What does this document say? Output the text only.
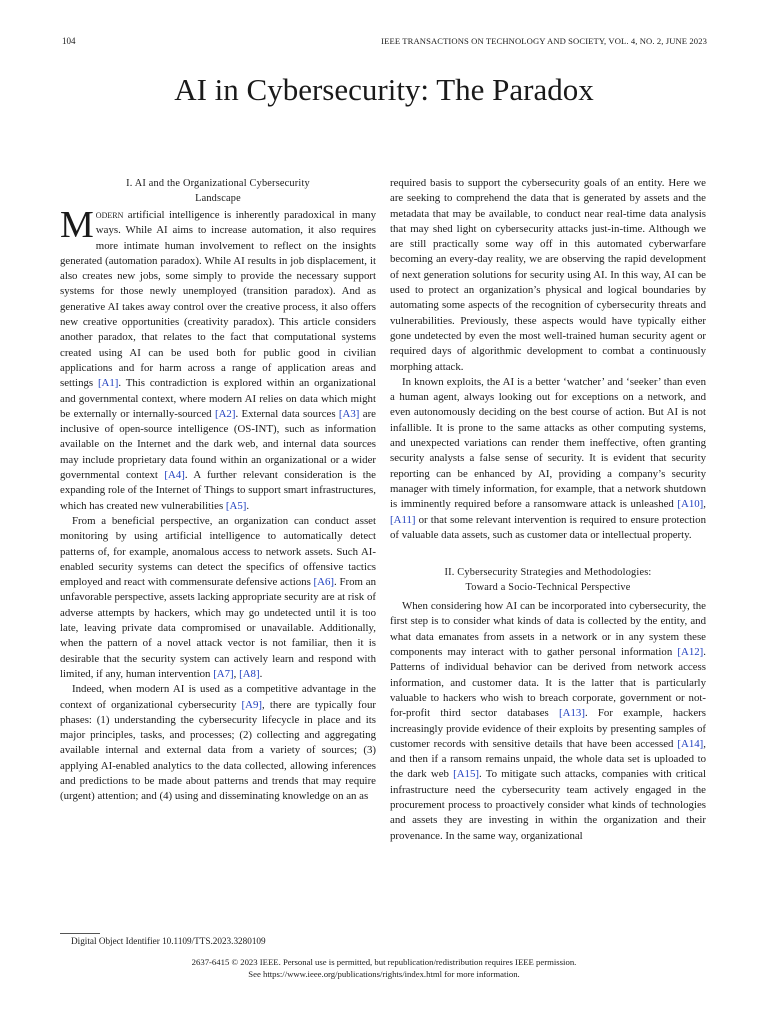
104	IEEE TRANSACTIONS ON TECHNOLOGY AND SOCIETY, VOL. 4, NO. 2, JUNE 2023
AI in Cybersecurity: The Paradox
I. AI and the Organizational Cybersecurity
Landscape

Modern artificial intelligence is inherently paradoxical in many ways. While AI aims to increase automation, it also requires more intimate human involvement to reflect on the insights generated (automation paradox). While AI results in job displacement, it also creates new jobs, some simply to provide the necessary support systems for those newly unemployed (transition paradox). And as generative AI takes away control over the creative process, it also offers new creative opportunities (creativity paradox). This article considers another paradox, that relates to the fact that computational systems created using AI can be used both for public good in civilian applications and for harm across a range of application areas and settings [A1]. This contradiction is explored within an organizational and governmental context, where modern AI relies on data which might be externally or internally-sourced [A2]. External data sources [A3] are inclusive of open-source intelligence (OS-INT), such as information available on the Internet and the dark web, and internal data sources may include proprietary data found within an organizational or a wider governmental context [A4]. A further relevant consideration is the expanding role of the Internet of Things to support smart infrastructures, which has created new vulnerabilities [A5].

From a beneficial perspective, an organization can conduct asset monitoring by using artificial intelligence to automatically detect patterns of, for example, anomalous access to network assets. Such AI-enabled security systems can detect the specifics of offensive tactics employed and react with commensurate defensive actions [A6]. From an unfavorable perspective, assets lacking appropriate security are at risk of adverse attempts by hackers, which may go undetected until it is too late, leaving private data compromised or unavailable. Additionally, when the pattern of a novel attack vector is not familiar, then it is desirable that the security system can actively learn and respond with limited, if any, human intervention [A7], [A8].

Indeed, when modern AI is used as a competitive advantage in the context of organizational cybersecurity [A9], there are typically four phases: (1) understanding the cybersecurity lifecycle in place and its major principles, tasks, and processes; (2) collecting and aggregating available internal and external data from a variety of sources; (3) applying AI-enabled analytics to the data collected, allowing inferences and predictions to be made about patterns and trends that may require (urgent) attention; and (4) using and disseminating knowledge on an as

required basis to support the cybersecurity goals of an entity. Here we are seeking to comprehend the data that is generated by assets and the metadata that may be available, to conduct near real-time data analysis that may shed light on cybersecurity attacks just-in-time. Although we are still practically some way off in this automated cyberwarfare becoming an every-day reality, we are observing the rapid development of next generation solutions for security using AI. In this way, AI can be used to protect an organization’s physical and logical boundaries by automating some aspects of the recognition of cybersecurity threats and vulnerabilities. Previously, these aspects would have typically either gone undetected by even the most well-trained human security agent or required days of algorithmic development to combat a continuously morphing attack.

In known exploits, the AI is a better ‘watcher’ and ‘seeker’ than even a human agent, always looking out for exceptions on a network, and even autonomously deciding on the best course of action. But AI is not infallible. It is prone to the same attacks as other computing systems, and unexpected variations can render them ineffective, often granting security analysts a false sense of security. It is evident that security reporting can be enhanced by AI, providing a company’s security manager with timely information, for example, that a network shutdown is imminently required before a ransomware attack is unleashed [A10], [A11] or that some relevant intervention is required to ensure protection of valuable data assets, such as customer data or intellectual property.

II. Cybersecurity Strategies and Methodologies:
Toward a Socio-Technical Perspective

When considering how AI can be incorporated into cybersecurity, the first step is to consider what kinds of data is collected by the entity, and what data emanates from assets in a network or in any system these components may interact with to gather personal information [A12]. Patterns of individual behavior can be derived from network access information, and customer data. It is the latter that is particularly valuable to hackers who wish to breach corporate, government or not-for-profit third sector databases [A13]. For example, hackers increasingly provide evidence of their exploits by presenting samples of customer records with sensitive details that have been accessed [A14], and then if a ransom remains unpaid, the whole data set is uploaded to the dark web [A15]. To mitigate such attacks, companies with critical infrastructure need the cybersecurity team actively engaged in the procurement process to proactively consider what kinds of technologies and assets they are investing in within the organization and their provenance. In the same way, organizational

Digital Object Identifier 10.1109/TTS.2023.3280109
2637-6415 © 2023 IEEE. Personal use is permitted, but republication/redistribution requires IEEE permission.
See https://www.ieee.org/publications/rights/index.html for more information.
